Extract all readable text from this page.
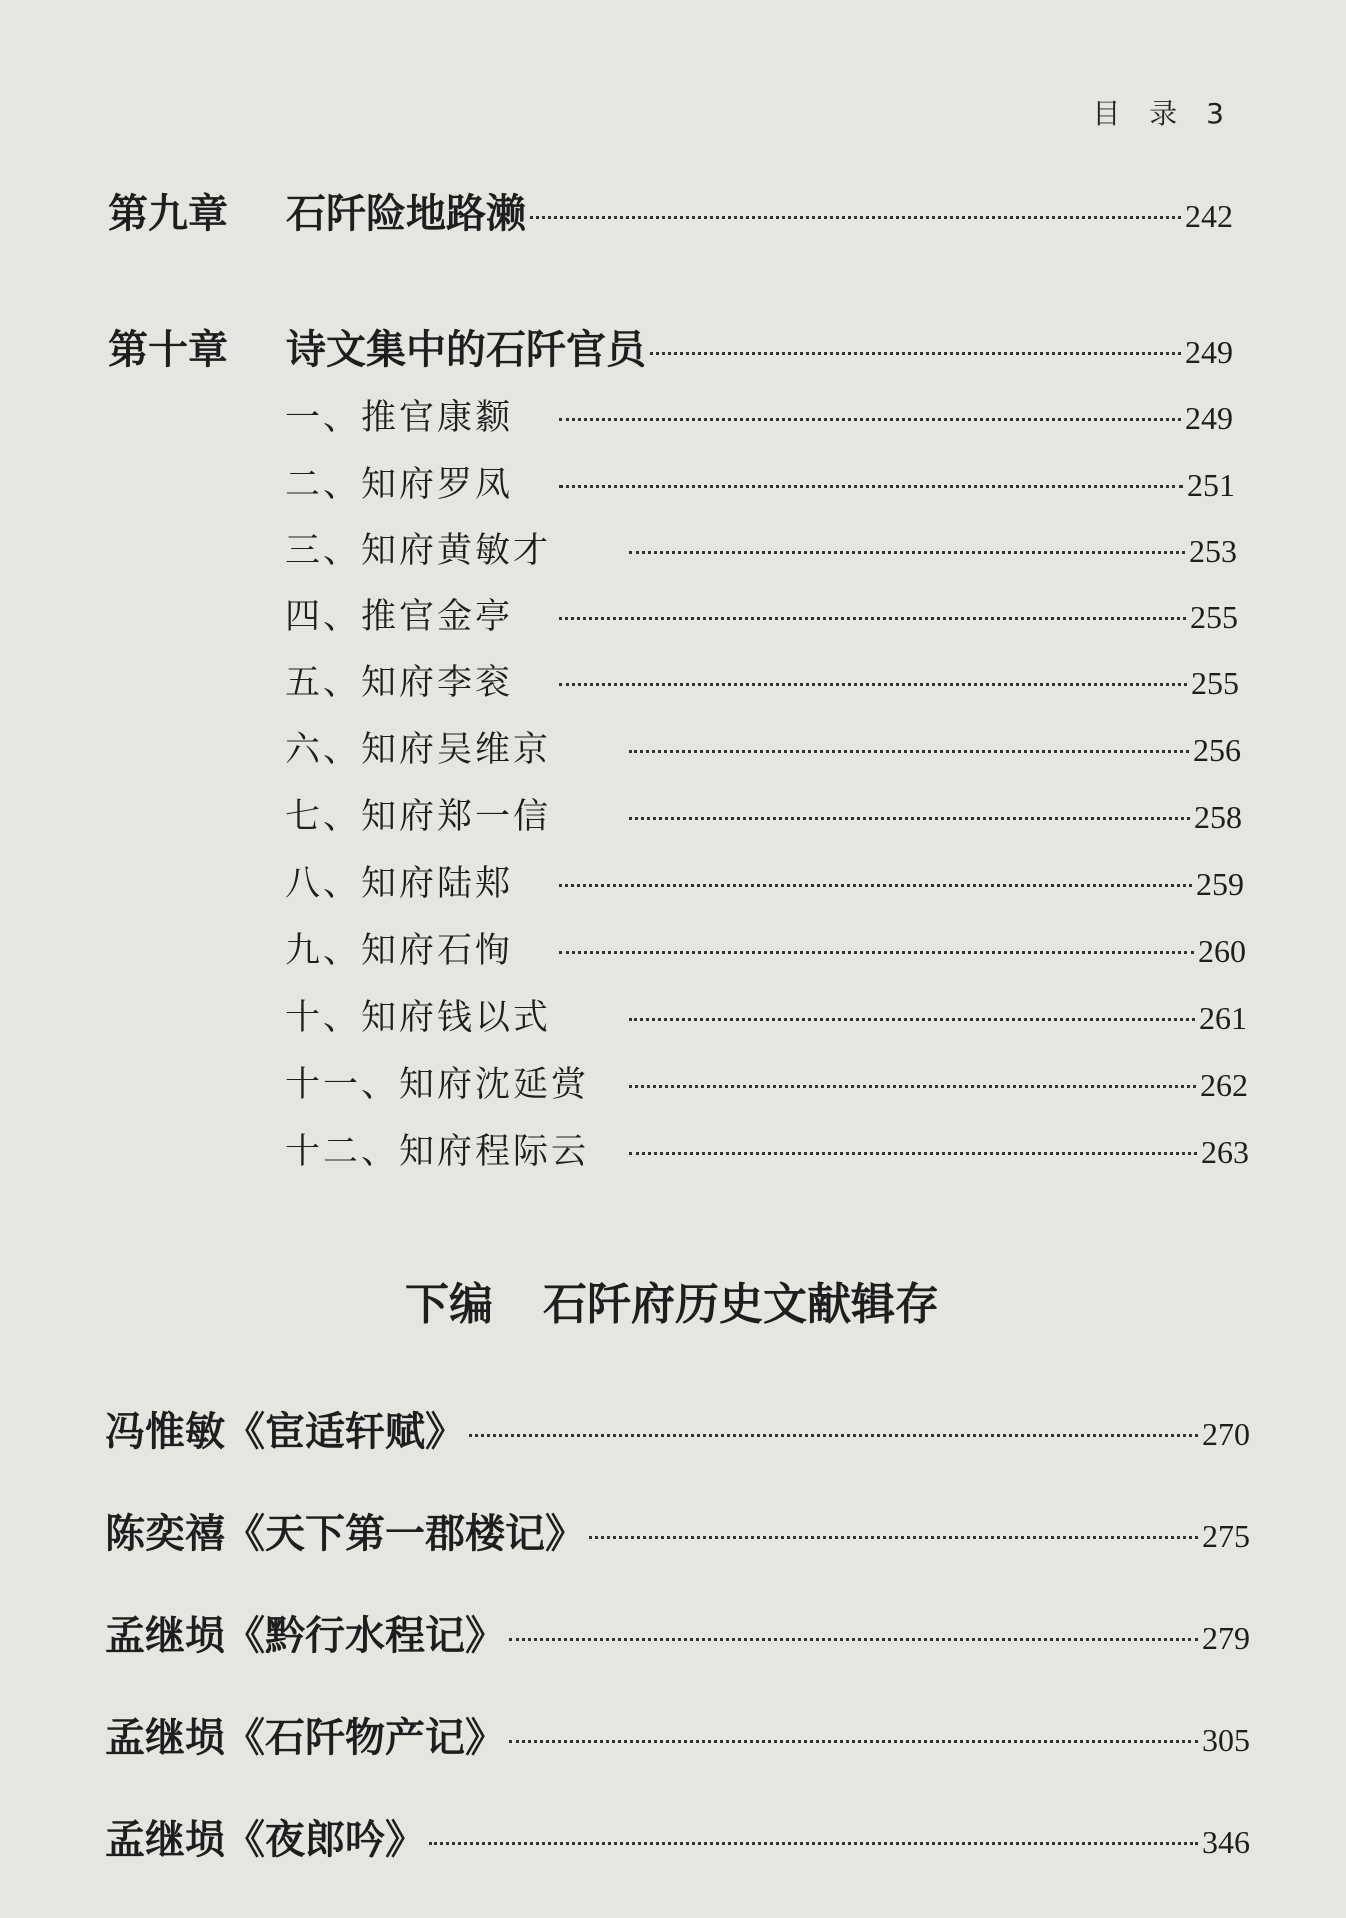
目 录 3
第九章	石阡险地路濑	242
第十章	诗文集中的石阡官员	249
一、推官康颣	249
二、知府罗凤	251
三、知府黄敏才	253
四、推官金亭	255
五、知府李衮	255
六、知府吴维京	256
七、知府郑一信	258
八、知府陆郏	259
九、知府石恂	260
十、知府钱以式	261
十一、知府沈延赏	262
十二、知府程际云	263
下编 石阡府历史文献辑存
冯惟敏《宦适轩赋》	270
陈奕禧《天下第一郡楼记》	275
孟继埙《黔行水程记》	279
孟继埙《石阡物产记》	305
孟继埙《夜郎吟》	346
